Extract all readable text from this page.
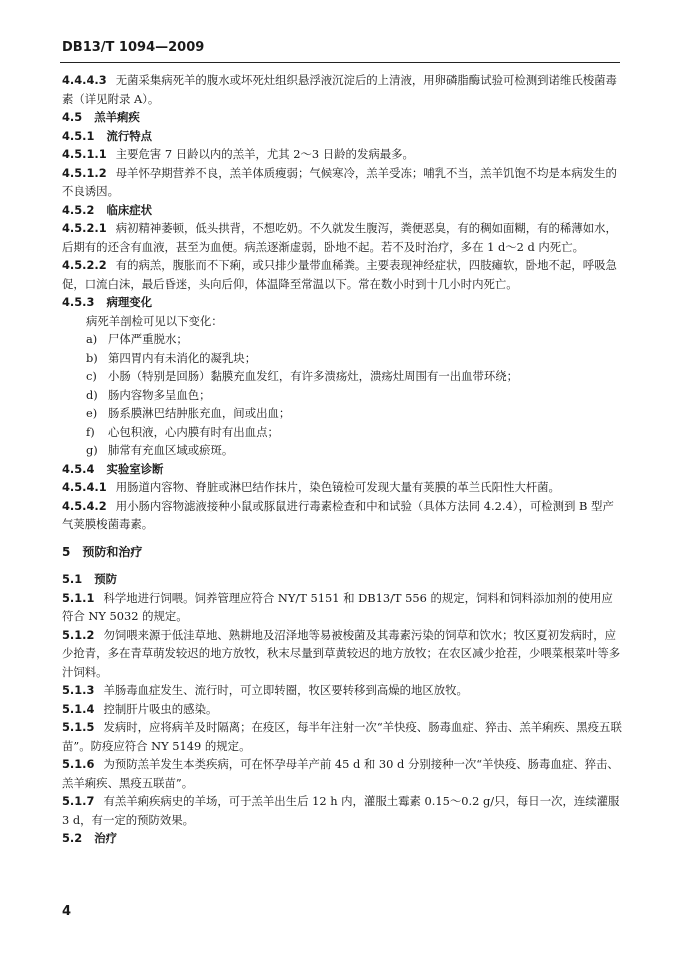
DB13/T 1094—2009
4.4.4.3 无菌采集病死羊的腹水或坏死灶组织悬浮液沉淀后的上清液，用卵磷脂酶试验可检测到诺维氏梭菌毒素（详见附录 A）。
4.5 羔羊痢疾
4.5.1 流行特点
4.5.1.1 主要危害 7 日龄以内的羔羊，尤其 2～3 日龄的发病最多。
4.5.1.2 母羊怀孕期营养不良，羔羊体质瘦弱；气候寒冷，羔羊受冻；哺乳不当，羔羊饥饱不均是本病发生的不良诱因。
4.5.2 临床症状
4.5.2.1 病初精神萎顿，低头拱背，不想吃奶。不久就发生腹泻，粪便恶臭，有的稠如面糊，有的稀薄如水，后期有的还含有血液，甚至为血便。病羔逐渐虚弱，卧地不起。若不及时治疗，多在 1 d～2 d 内死亡。
4.5.2.2 有的病羔，腹胀而不下痢，或只排少量带血稀粪。主要表现神经症状，四肢瘫软，卧地不起，呼吸急促，口流白沫，最后昏迷，头向后仰，体温降至常温以下。常在数小时到十几小时内死亡。
4.5.3 病理变化
病死羊剖检可见以下变化：
a) 尸体严重脱水；
b) 第四胃内有未消化的凝乳块；
c) 小肠（特别是回肠）黏膜充血发红，有许多溃疡灶，溃疡灶周围有一出血带环绕；
d) 肠内容物多呈血色；
e) 肠系膜淋巴结肿胀充血，间或出血；
f) 心包积液，心内膜有时有出血点；
g) 肺常有充血区域或瘀斑。
4.5.4 实验室诊断
4.5.4.1 用肠道内容物、脊脏或淋巴结作抹片，染色镜检可发现大量有荚膜的革兰氏阳性大杆菌。
4.5.4.2 用小肠内容物滤液接种小鼠或豚鼠进行毒素检查和中和试验（具体方法同 4.2.4），可检测到 B 型产气荚膜梭菌毒素。
5 预防和治疗
5.1 预防
5.1.1 科学地进行饲喂。饲养管理应符合 NY/T 5151 和 DB13/T 556 的规定，饲料和饲料添加剂的使用应符合 NY 5032 的规定。
5.1.2 勿饲喂来源于低洼草地、熟耕地及沼泽地等易被梭菌及其毒素污染的饲草和饮水；牧区夏初发病时，应少抢青，多在青草萌发较迟的地方放牧，秋末尽量到草黄较迟的地方放牧；在农区减少抢茬，少喂菜根菜叶等多汁饲料。
5.1.3 羊肠毒血症发生、流行时，可立即转圈，牧区要转移到高燥的地区放牧。
5.1.4 控制肝片吸虫的感染。
5.1.5 发病时，应将病羊及时隔离；在疫区，每半年注射一次“羊快疫、肠毒血症、猝击、羔羊痢疾、黑疫五联苗”。防疫应符合 NY 5149 的规定。
5.1.6 为预防羔羊发生本类疾病，可在怀孕母羊产前 45 d 和 30 d 分别接种一次“羊快疫、肠毒血症、猝击、羔羊痢疾、黑疫五联苗”。
5.1.7 有羔羊痢疾病史的羊场，可于羔羊出生后 12 h 内，灌服土霉素 0.15～0.2 g/只，每日一次，连续灌服 3 d，有一定的预防效果。
5.2 治疗
4
